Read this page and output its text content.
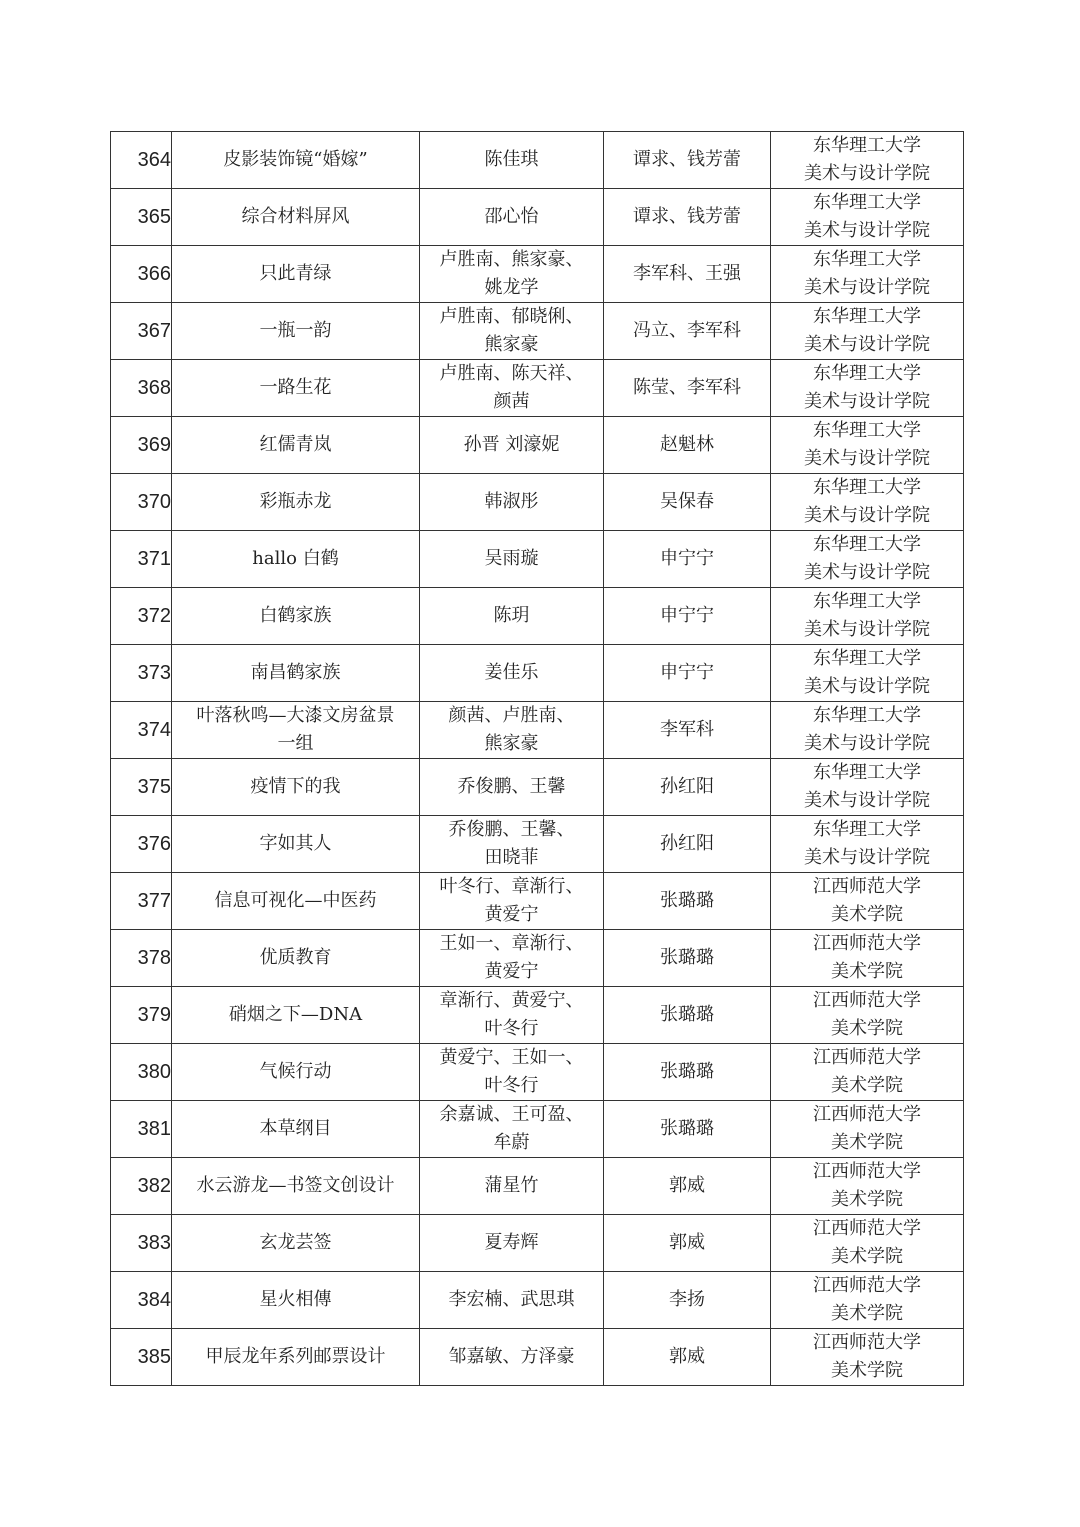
364	皮影装饰镜“婚嫁”	陈佳琪	谭求、钱芳蕾	东华理工大学
美术与设计学院

365	综合材料屏风	邵心怡	谭求、钱芳蕾	东华理工大学
美术与设计学院

366	只此青绿	卢胜南、熊家豪、
姚龙学	李军科、王强	东华理工大学
美术与设计学院

367	一瓶一韵	卢胜南、郁晓俐、
熊家豪	冯立、李军科	东华理工大学
美术与设计学院

368	一路生花	卢胜南、陈天祥、
颜茜	陈莹、李军科	东华理工大学
美术与设计学院

369	红儒青岚	孙晋 刘濠妮	赵魁林	东华理工大学
美术与设计学院

370	彩瓶赤龙	韩淑彤	吴保春	东华理工大学
美术与设计学院

371	hallo 白鹤	吴雨璇	申宁宁	东华理工大学
美术与设计学院

372	白鹤家族	陈玥	申宁宁	东华理工大学
美术与设计学院

373	南昌鹤家族	姜佳乐	申宁宁	东华理工大学
美术与设计学院

374	叶落秋鸣—大漆文房盆景
一组	颜茜、卢胜南、
熊家豪	李军科	东华理工大学
美术与设计学院

375	疫情下的我	乔俊鹏、王馨	孙红阳	东华理工大学
美术与设计学院

376	字如其人	乔俊鹏、王馨、
田晓菲	孙红阳	东华理工大学
美术与设计学院

377	信息可视化—中医药	叶冬行、章渐行、
黄爱宁	张璐璐	江西师范大学
美术学院

378	优质教育	王如一、章渐行、
黄爱宁	张璐璐	江西师范大学
美术学院

379	硝烟之下—DNA	章渐行、黄爱宁、
叶冬行	张璐璐	江西师范大学
美术学院

380	气候行动	黄爱宁、王如一、
叶冬行	张璐璐	江西师范大学
美术学院

381	本草纲目	余嘉诚、王可盈、
牟蔚	张璐璐	江西师范大学
美术学院

382	水云游龙—书签文创设计	蒲星竹	郭威	江西师范大学
美术学院

383	玄龙芸签	夏寿辉	郭威	江西师范大学
美术学院

384	星火相傳	李宏楠、武思琪	李扬	江西师范大学
美术学院

385	甲辰龙年系列邮票设计	邹嘉敏、方泽豪	郭威	江西师范大学
美术学院
